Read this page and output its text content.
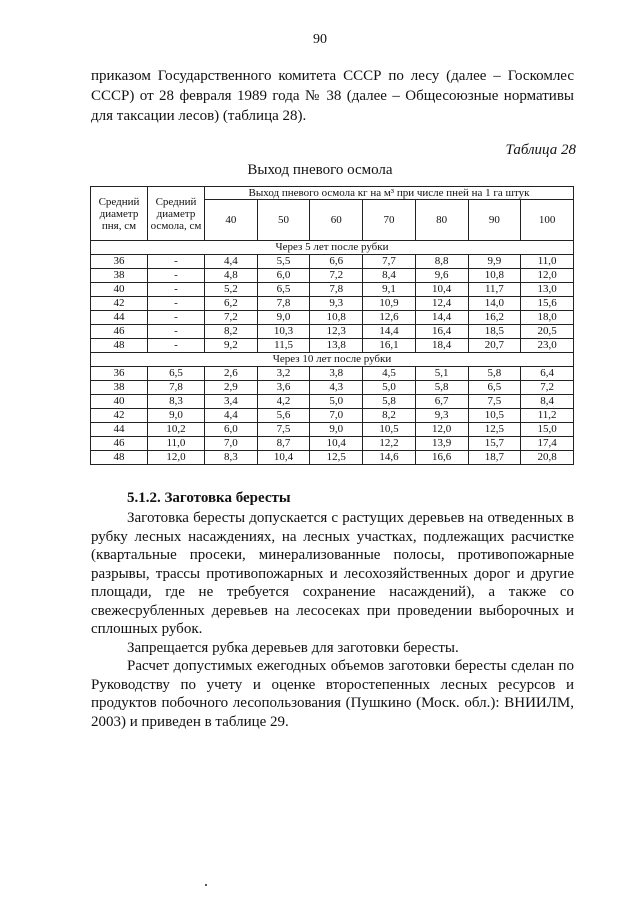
90
приказом Государственного комитета СССР по лесу (далее – Госкомлес СССР) от 28 февраля 1989 года № 38 (далее – Общесоюзные нормативы для таксации лесов) (таблица 28).
Таблица 28
Выход пневого осмола
Средний диаметр пня, см	Средний диаметр осмола, см	Выход пневого осмола кг на м³ при числе пней на 1 га штук						
		40	50	60	70	80	90	100
Через 5 лет после рубки								
36	-	4,4	5,5	6,6	7,7	8,8	9,9	11,0
38	-	4,8	6,0	7,2	8,4	9,6	10,8	12,0
40	-	5,2	6,5	7,8	9,1	10,4	11,7	13,0
42	-	6,2	7,8	9,3	10,9	12,4	14,0	15,6
44	-	7,2	9,0	10,8	12,6	14,4	16,2	18,0
46	-	8,2	10,3	12,3	14,4	16,4	18,5	20,5
48	-	9,2	11,5	13,8	16,1	18,4	20,7	23,0
Через 10 лет после рубки								
36	6,5	2,6	3,2	3,8	4,5	5,1	5,8	6,4
38	7,8	2,9	3,6	4,3	5,0	5,8	6,5	7,2
40	8,3	3,4	4,2	5,0	5,8	6,7	7,5	8,4
42	9,0	4,4	5,6	7,0	8,2	9,3	10,5	11,2
44	10,2	6,0	7,5	9,0	10,5	12,0	12,5	15,0
46	11,0	7,0	8,7	10,4	12,2	13,9	15,7	17,4
48	12,0	8,3	10,4	12,5	14,6	16,6	18,7	20,8
5.1.2. Заготовка бересты

Заготовка бересты допускается с растущих деревьев на отведенных в рубку лесных насаждениях, на лесных участках, подлежащих расчистке (квартальные просеки, минерализованные полосы, противопожарные разрывы, трассы противопожарных и лесохозяйственных дорог и другие площади, где не требуется сохранение насаждений), а также со свежесрубленных деревьев на лесосеках при проведении выборочных и сплошных рубок.

Запрещается рубка деревьев для заготовки бересты.

Расчет допустимых ежегодных объемов заготовки бересты сделан по Руководству по учету и оценке второстепенных лесных ресурсов и продуктов побочного лесопользования (Пушкино (Моск. обл.): ВНИИЛМ, 2003) и приведен в таблице 29.
